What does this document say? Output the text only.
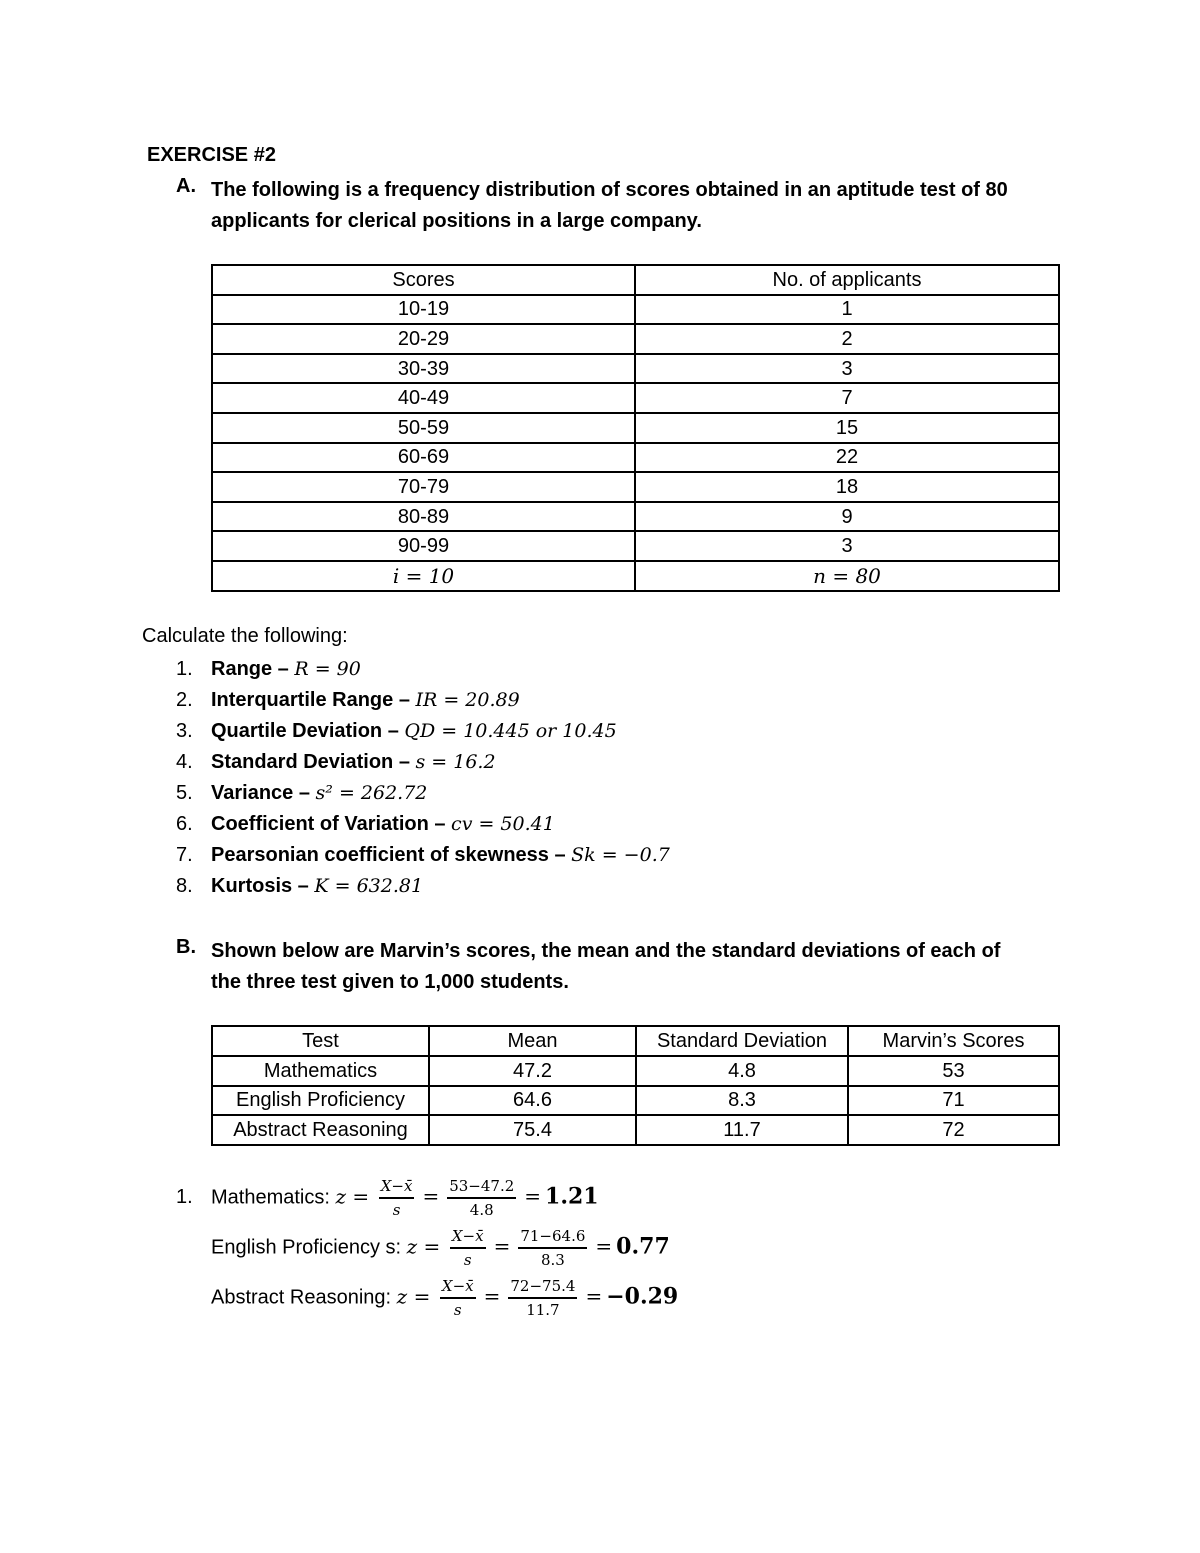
EXERCISE #2
A. The following is a frequency distribution of scores obtained in an aptitude test of 80
applicants for clerical positions in a large company.
Scores	No. of applicants
10-19	1
20-29	2
30-39	3
40-49	7
50-59	15
60-69	22
70-79	18
80-89	9
90-99	3
i = 10	n = 80
Calculate the following:
1. Range – R = 90
2. Interquartile Range – IR = 20.89
3. Quartile Deviation – QD = 10.445 or 10.45
4. Standard Deviation – s = 16.2
5. Variance – s² = 262.72
6. Coefficient of Variation – cv = 50.41
7. Pearsonian coefficient of skewness – Sk = −0.7
8. Kurtosis – K = 632.81
B. Shown below are Marvin’s scores, the mean and the standard deviations of each of
the three test given to 1,000 students.
Test	Mean	Standard Deviation	Marvin’s Scores
Mathematics	47.2	4.8	53
English Proficiency	64.6	8.3	71
Abstract Reasoning	75.4	11.7	72
1. Mathematics: $z = \frac{X-x̄}{s} = \frac{53-47.2}{4.8} = 1.21$
English Proficiency s: $z = \frac{X-x̄}{s} = \frac{71-64.6}{8.3} = 0.77$
Abstract Reasoning: $z = \frac{X-x̄}{s} = \frac{72-75.4}{11.7} = -0.29$
